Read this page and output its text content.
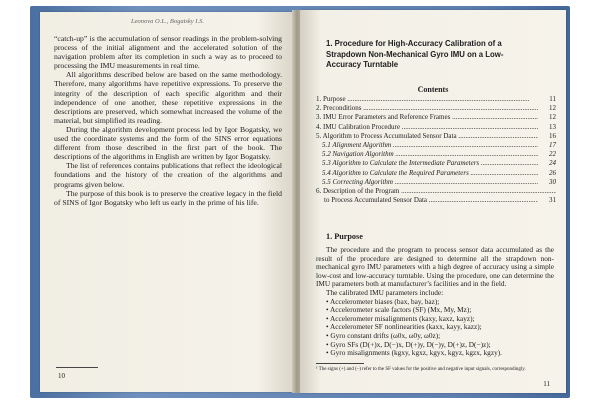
Leonova O.L., Bogatsky I.S.

“catch-up” is the accumulation of sensor readings in the problem-solving process of the initial alignment and the accelerated solution of the navigation problem after its completion in such a way as to proceed to processing the IMU measurements in real time.

All algorithms described below are based on the same methodology. Therefore, many algorithms have repetitive expressions. To preserve the integrity of the description of each specific algorithm and their independence of one another, these repetitive expressions in the descriptions are preserved, which somewhat increased the volume of the material, but simplified its reading.

During the algorithm development process led by Igor Bogatsky, we used the coordinate systems and the form of the SINS error equations different from those described in the first part of the book. The descriptions of the algorithms in English are written by Igor Bogatsky.

The list of references contains publications that reflect the ideological foundations and the history of the creation of the algorithms and programs given below.

The purpose of this book is to preserve the creative legacy in the field of SINS of Igor Bogatsky who left us early in the prime of his life.

10
1. Procedure for High-Accuracy Calibration of a Strapdown Non-Mechanical Gyro IMU on a Low-Accuracy Turntable
Contents
1. Purpose .....	11
2. Preconditions .....	12
3. IMU Error Parameters and Reference Frames .....	12
4. IMU Calibration Procedure .....	13
5. Algorithm to Process Accumulated Sensor Data .....	16
5.1 Alignment Algorithm .....	17
5.2 Navigation Algorithm .....	22
5.3 Algorithm to Calculate the Intermediate Parameters .....	24
5.4 Algorithm to Calculate the Required Parameters .....	26
5.5 Correcting Algorithm .....	30
6. Description of the Program .....
to Process Accumulated Sensor Data .....	31
1. Purpose

The procedure and the program to process sensor data accumulated as the result of the procedure are designed to determine all the strapdown non-mechanical gyro IMU parameters with a high degree of accuracy using a simple low-cost and low-accuracy turntable. Using the procedure, one can determine the IMU parameters both at manufacturer’s facilities and in the field.

The calibrated IMU parameters include:

• Accelerometer biases (bax, bay, baz);
• Accelerometer scale factors (SF) (Mx, My, Mz);
• Accelerometer misalignments (kaxy, kaxz, kayz);
• Accelerometer SF nonlinearities (kaxx, kayy, kazz);
• Gyro constant drifts (ω0x, ω0y, ω0z);
• Gyro SFs (D(+)x, D(−)x, D(+)y, D(−)y, D(+)z, D(−)z);
• Gyro misalignments (kgxy, kgxz, kgyx, kgyz, kgzx, kgzy).
¹ The signs (+) and (–) refer to the SF values for the positive and negative input signals, correspondingly.
11
